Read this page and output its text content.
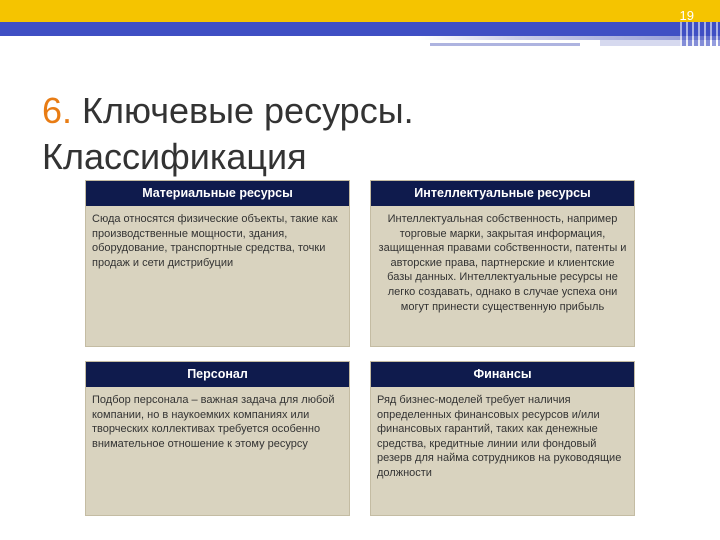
19
6. Ключевые ресурсы.
Классификация
Материальные ресурсы
Сюда относятся физические объекты, такие как производственные мощности, здания, оборудование, транспортные средства, точки продаж и сети дистрибуции
Интеллектуальные ресурсы
Интеллектуальная собственность, например торговые марки, закрытая информация, защищенная правами собственности, патенты и авторские права, партнерские и клиентские базы данных. Интеллектуальные ресурсы не легко создавать, однако в случае успеха они могут принести существенную прибыль
Персонал
Подбор персонала – важная задача для любой компании, но в наукоемких компаниях или творческих коллективах требуется особенно внимательное отношение к этому ресурсу
Финансы
Ряд бизнес-моделей требует наличия определенных финансовых ресурсов и/или финансовых гарантий, таких как денежные средства, кредитные линии или фондовый резерв для найма сотрудников на руководящие должности
